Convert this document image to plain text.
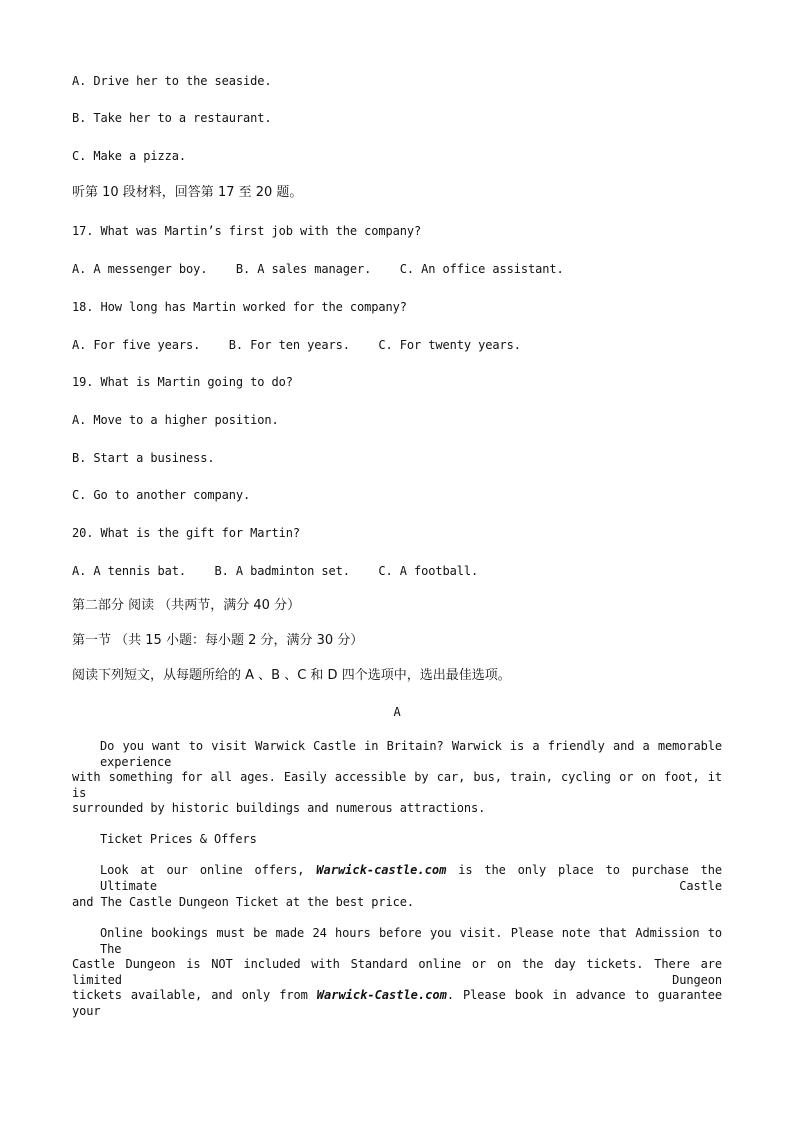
A. Drive her to the seaside.
B. Take her to a restaurant.
C. Make a pizza.
听第 10 段材料，回答第 17 至 20 题。
17. What was Martin’s first job with the company?
A. A messenger boy.    B. A sales manager.    C. An office assistant.
18. How long has Martin worked for the company?
A. For five years.    B. For ten years.    C. For twenty years.
19. What is Martin going to do?
A. Move to a higher position.
B. Start a business.
C. Go to another company.
20. What is the gift for Martin?
A. A tennis bat.    B. A badminton set.    C. A football.
第二部分 阅读 （共两节，满分 40 分）
第一节 （共 15 小题：每小题 2 分，满分 30 分）
阅读下列短文，从每题所给的 A 、B 、C 和 D 四个选项中，选出最佳选项。
A
Do you want to visit Warwick Castle in Britain? Warwick is a friendly and a memorable experience
with something for all ages. Easily accessible by car, bus, train, cycling or on foot, it is
surrounded by historic buildings and numerous attractions.
Ticket Prices & Offers
Look at our online offers, Warwick-castle.com is the only place to purchase the Ultimate Castle
and The Castle Dungeon Ticket at the best price.
Online bookings must be made 24 hours before you visit. Please note that Admission to The
Castle Dungeon is NOT included with Standard online or on the day tickets. There are limited Dungeon
tickets available, and only from Warwick-Castle.com. Please book in advance to guarantee your
